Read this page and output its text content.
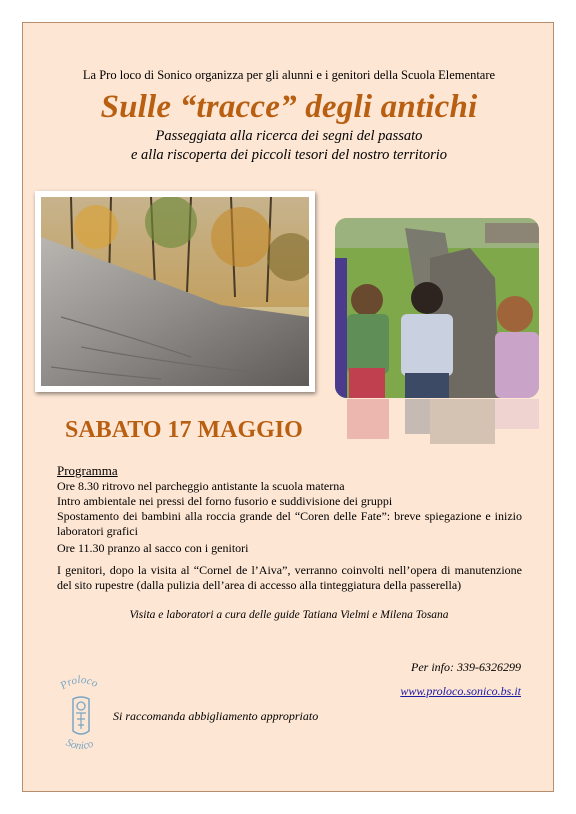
La Pro loco di Sonico organizza per gli alunni e i genitori della Scuola Elementare
Sulle “tracce” degli antichi
Passeggiata alla ricerca dei segni del passato
e alla riscoperta dei piccoli tesori del nostro territorio
SABATO 17 MAGGIO
Programma
Ore 8.30 ritrovo nel parcheggio antistante la scuola materna
Intro ambientale nei pressi del forno fusorio e suddivisione dei gruppi
Spostamento dei bambini alla roccia grande del “Coren delle Fate”: breve spiegazione e inizio laboratori grafici
Ore 11.30 pranzo al sacco con i genitori
I genitori, dopo la visita al “Cornel de l’Aiva”, verranno coinvolti nell’opera di manutenzione del sito rupestre (dalla pulizia dell’area di accesso alla tinteggiatura della passerella)
Visita e laboratori a cura delle guide Tatiana Vielmi e Milena Tosana
Per info: 339-6326299
www.proloco.sonico.bs.it
Proloco
Sonico
Si raccomanda abbigliamento appropriato
